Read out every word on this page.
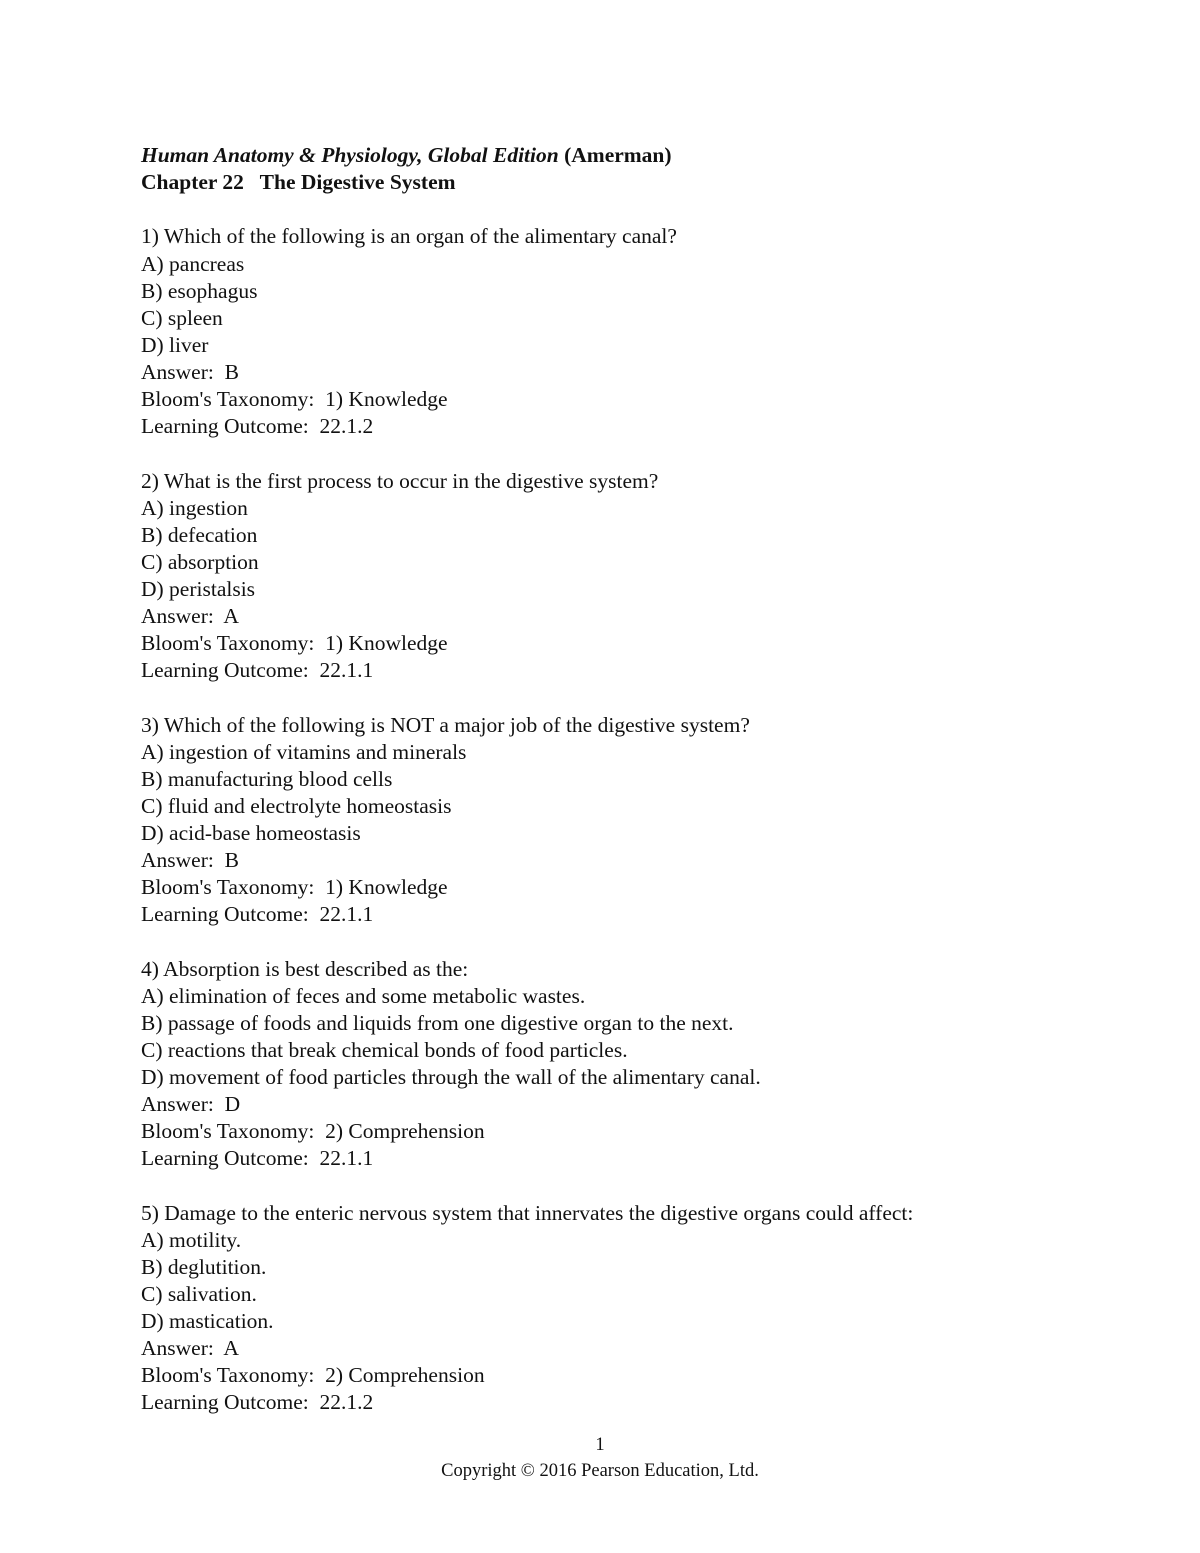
Human Anatomy & Physiology, Global Edition (Amerman)
Chapter 22   The Digestive System
1) Which of the following is an organ of the alimentary canal?
A) pancreas
B) esophagus
C) spleen
D) liver
Answer:  B
Bloom's Taxonomy:  1) Knowledge
Learning Outcome:  22.1.2
2) What is the first process to occur in the digestive system?
A) ingestion
B) defecation
C) absorption
D) peristalsis
Answer:  A
Bloom's Taxonomy:  1) Knowledge
Learning Outcome:  22.1.1
3) Which of the following is NOT a major job of the digestive system?
A) ingestion of vitamins and minerals
B) manufacturing blood cells
C) fluid and electrolyte homeostasis
D) acid-base homeostasis
Answer:  B
Bloom's Taxonomy:  1) Knowledge
Learning Outcome:  22.1.1
4) Absorption is best described as the:
A) elimination of feces and some metabolic wastes.
B) passage of foods and liquids from one digestive organ to the next.
C) reactions that break chemical bonds of food particles.
D) movement of food particles through the wall of the alimentary canal.
Answer:  D
Bloom's Taxonomy:  2) Comprehension
Learning Outcome:  22.1.1
5) Damage to the enteric nervous system that innervates the digestive organs could affect:
A) motility.
B) deglutition.
C) salivation.
D) mastication.
Answer:  A
Bloom's Taxonomy:  2) Comprehension
Learning Outcome:  22.1.2
1
Copyright © 2016 Pearson Education, Ltd.
